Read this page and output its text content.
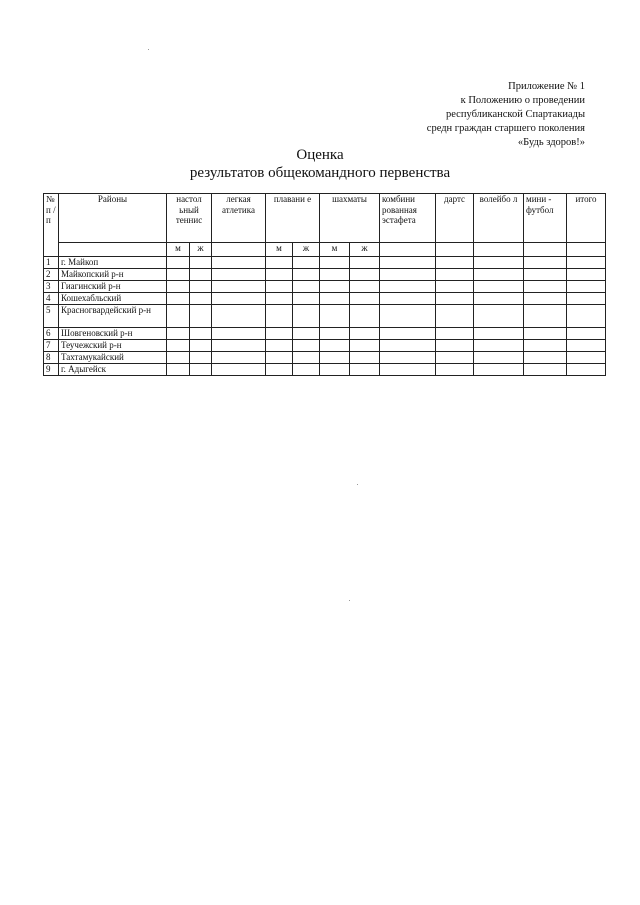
Приложение № 1
к Положению о проведении
республиканской Спартакиады
средн граждан старшего поколения
«Будь здоров!»
Оценка
результатов общекомандного первенства
№ п / п	Районы	настол ьный теннис		легкая атлетика	плавани е		шахматы		комбини рованная эстафета	дартс	волейбо л	мини - футбол	итого
		м	ж		м	ж	м	ж					
1	г. Майкоп												
2	Майкопский р-н												
3	Гиагинский р-н												
4	Кошехабльский												
5	Красногвардейский р-н												
6	Шовгеновский р-н												
7	Теучежский р-н												
8	Тахтамукайский												
9	г. Адыгейск												
